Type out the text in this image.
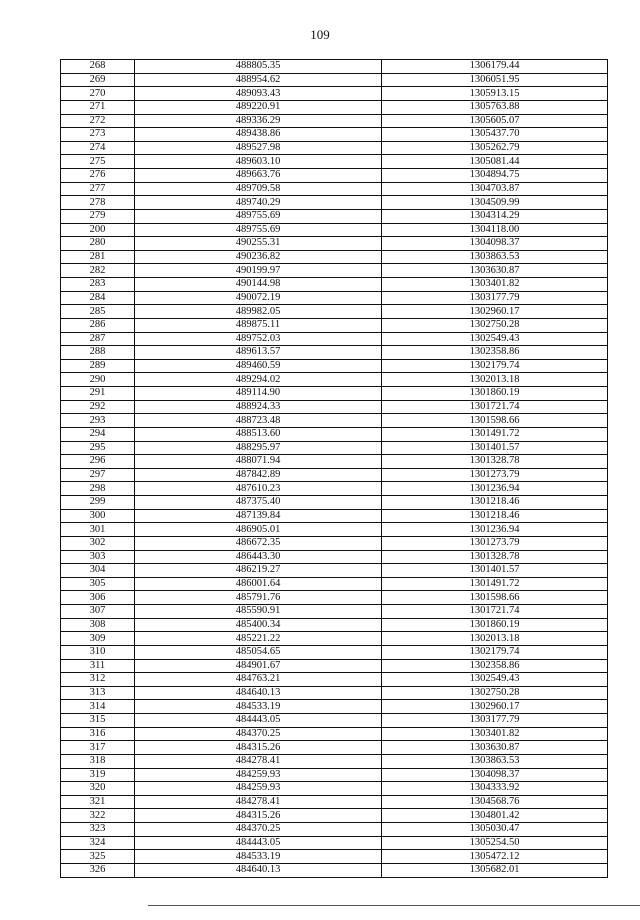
109
268	488805.35	1306179.44
269	488954.62	1306051.95
270	489093.43	1305913.15
271	489220.91	1305763.88
272	489336.29	1305605.07
273	489438.86	1305437.70
274	489527.98	1305262.79
275	489603.10	1305081.44
276	489663.76	1304894.75
277	489709.58	1304703.87
278	489740.29	1304509.99
279	489755.69	1304314.29
200	489755.69	1304118.00
280	490255.31	1304098.37
281	490236.82	1303863.53
282	490199.97	1303630.87
283	490144.98	1303401.82
284	490072.19	1303177.79
285	489982.05	1302960.17
286	489875.11	1302750.28
287	489752.03	1302549.43
288	489613.57	1302358.86
289	489460.59	1302179.74
290	489294.02	1302013.18
291	489114.90	1301860.19
292	488924.33	1301721.74
293	488723.48	1301598.66
294	488513.60	1301491.72
295	488295.97	1301401.57
296	488071.94	1301328.78
297	487842.89	1301273.79
298	487610.23	1301236.94
299	487375.40	1301218.46
300	487139.84	1301218.46
301	486905.01	1301236.94
302	486672.35	1301273.79
303	486443.30	1301328.78
304	486219.27	1301401.57
305	486001.64	1301491.72
306	485791.76	1301598.66
307	485590.91	1301721.74
308	485400.34	1301860.19
309	485221.22	1302013.18
310	485054.65	1302179.74
311	484901.67	1302358.86
312	484763.21	1302549.43
313	484640.13	1302750.28
314	484533.19	1302960.17
315	484443.05	1303177.79
316	484370.25	1303401.82
317	484315.26	1303630.87
318	484278.41	1303863.53
319	484259.93	1304098.37
320	484259.93	1304333.92
321	484278.41	1304568.76
322	484315.26	1304801.42
323	484370.25	1305030.47
324	484443.05	1305254.50
325	484533.19	1305472.12
326	484640.13	1305682.01
